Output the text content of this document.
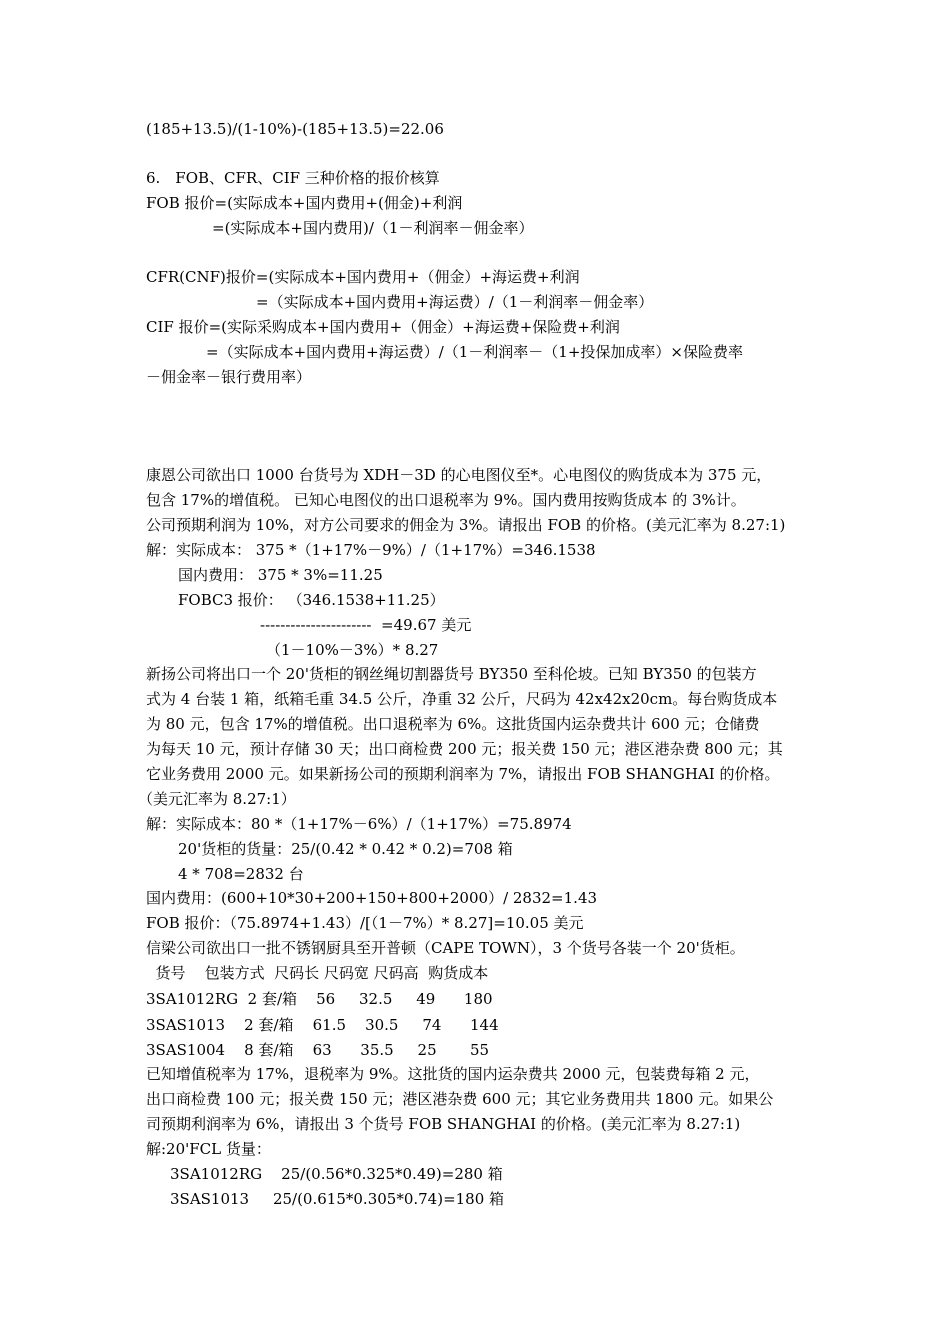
(185+13.5)/(1-10%)-(185+13.5)=22.06
6.　FOB、CFR、CIF 三种价格的报价核算
FOB 报价=(实际成本+国内费用+(佣金)+利润
=(实际成本+国内费用)/（1－利润率－佣金率）
CFR(CNF)报价=(实际成本+国内费用+（佣金）+海运费+利润
=（实际成本+国内费用+海运费）/（1－利润率－佣金率）
CIF 报价=(实际采购成本+国内费用+（佣金）+海运费+保险费+利润
=（实际成本+国内费用+海运费）/（1－利润率－（1+投保加成率）×保险费率
－佣金率－银行费用率）
康恩公司欲出口 1000 台货号为 XDH－3D 的心电图仪至*。心电图仪的购货成本为 375 元，
包含 17%的增值税。 已知心电图仪的出口退税率为 9%。国内费用按购货成本 的 3%计。
公司预期利润为 10%，对方公司要求的佣金为 3%。请报出 FOB 的价格。(美元汇率为 8.27:1)
解：实际成本： 375 *（1+17%－9%）/（1+17%）=346.1538
国内费用： 375 * 3%=11.25
FOBC3 报价： （346.1538+11.25）
----------------------  =49.67 美元
（1－10%－3%）* 8.27
新扬公司将出口一个 20'货柜的钢丝绳切割器货号 BY350 至科伦坡。已知 BY350 的包装方
式为 4 台装 1 箱，纸箱毛重 34.5 公斤，净重 32 公斤，尺码为 42x42x20cm。每台购货成本
为 80 元，包含 17%的增值税。出口退税率为 6%。这批货国内运杂费共计 600 元；仓储费
为每天 10 元，预计存储 30 天；出口商检费 200 元；报关费 150 元；港区港杂费 800 元；其
它业务费用 2000 元。如果新扬公司的预期利润率为 7%，请报出 FOB SHANGHAI 的价格。
（美元汇率为 8.27:1）
解：实际成本：80 *（1+17%－6%）/（1+17%）=75.8974
20'货柜的货量：25/(0.42 * 0.42 * 0.2)=708 箱
4 * 708=2832 台
国内费用：(600+10*30+200+150+800+2000）/ 2832=1.43
FOB 报价：（75.8974+1.43）/[（1－7%）* 8.27]=10.05 美元
信梁公司欲出口一批不锈钢厨具至开普顿（CAPE TOWN），3 个货号各装一个 20'货柜。
货号    包装方式  尺码长 尺码宽 尺码高  购货成本
3SA1012RG  2 套/箱    56     32.5     49      180
3SAS1013    2 套/箱    61.5    30.5     74      144
3SAS1004    8 套/箱    63      35.5     25       55
已知增值税率为 17%，退税率为 9%。这批货的国内运杂费共 2000 元，包装费每箱 2 元，
出口商检费 100 元；报关费 150 元；港区港杂费 600 元；其它业务费用共 1800 元。如果公
司预期利润率为 6%，请报出 3 个货号 FOB SHANGHAI 的价格。(美元汇率为 8.27:1)
解:20'FCL 货量：
3SA1012RG    25/(0.56*0.325*0.49)=280 箱
3SAS1013     25/(0.615*0.305*0.74)=180 箱
